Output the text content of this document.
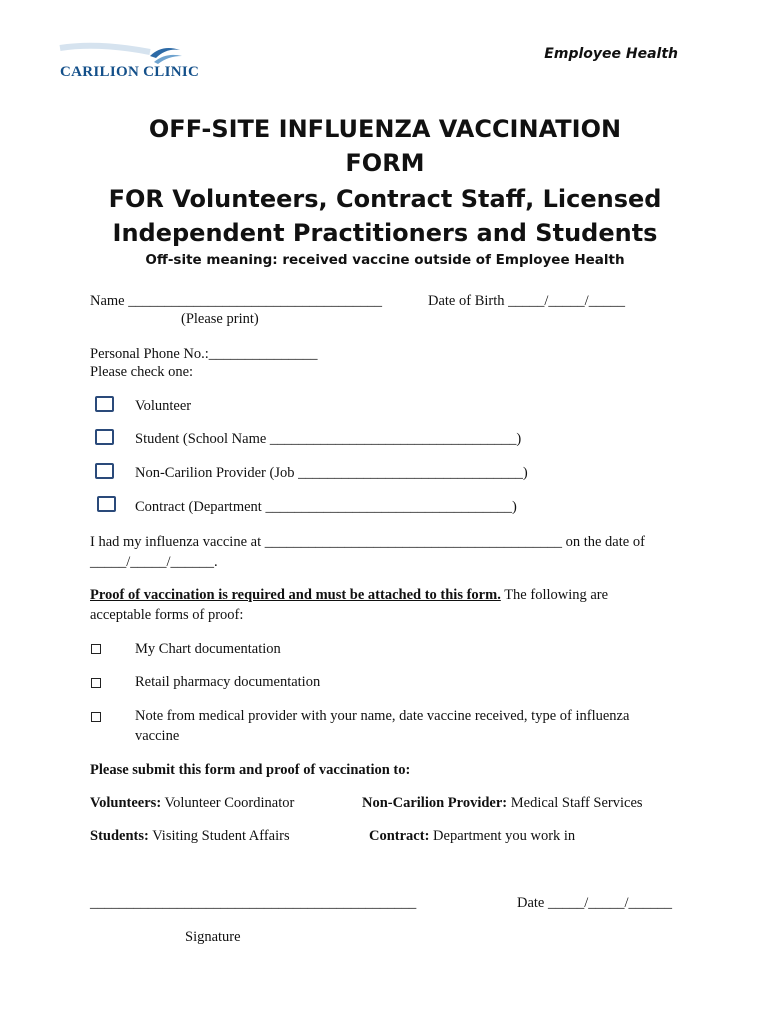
CARILION CLINIC
Employee Health
OFF-SITE INFLUENZA VACCINATION
FORM
FOR Volunteers, Contract Staff, Licensed
Independent Practitioners and Students
Off-site meaning: received vaccine outside of Employee Health
Name ___________________________________	Date of Birth _____/_____/_____
(Please print)
Personal Phone No.:_______________
Please check one:
Volunteer
Student (School Name __________________________________)
Non-Carilion Provider (Job _______________________________)
Contract (Department __________________________________)
I had my influenza vaccine at _________________________________________ on the date of
_____/_____/______.
Proof of vaccination is required and must be attached to this form. The following are
acceptable forms of proof:
My Chart documentation
Retail pharmacy documentation
Note from medical provider with your name, date vaccine received, type of influenza
vaccine
Please submit this form and proof of vaccination to:
Volunteers: Volunteer Coordinator	Non-Carilion Provider: Medical Staff Services
Students: Visiting Student Affairs	Contract: Department you work in
_____________________________________________	Date _____/_____/______
Signature
